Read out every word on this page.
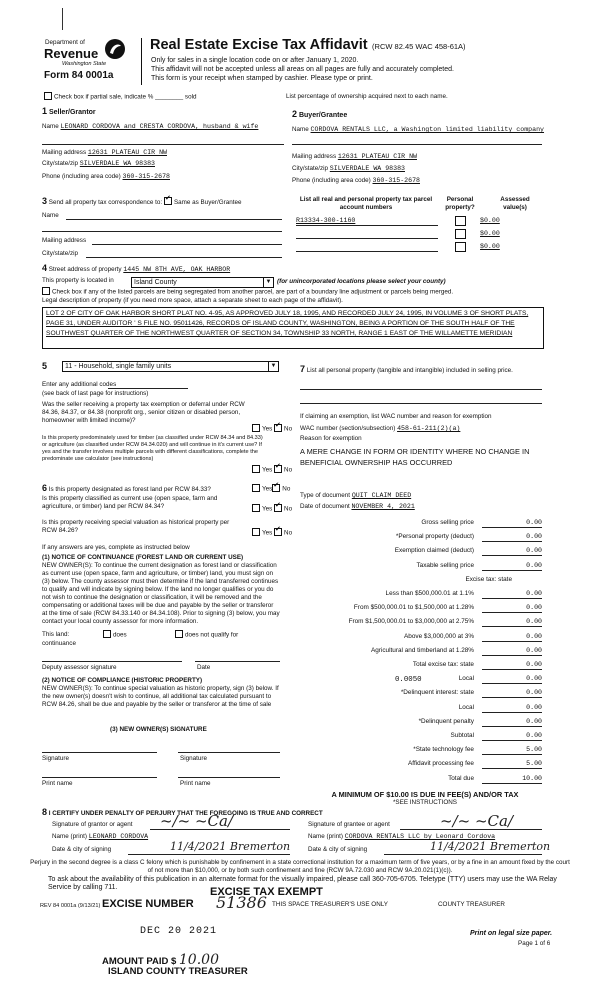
Department of
Revenue
Washington State
Form 84 0001a
Real Estate Excise Tax Affidavit (RCW 82.45 WAC 458-61A)
Only for sales in a single location code on or after January 1, 2020.
This affidavit will not be accepted unless all areas on all pages are fully and accurately completed.
This form is your receipt when stamped by cashier. Please type or print.
Check box if partial sale, indicate % ________ sold	List percentage of ownership acquired next to each name.
1 Seller/Grantor
Name LEONARD CORDOVA and CRESTA CORDOVA, husband & wife
Mailing address 12631 PLATEAU CIR NW
City/state/zip SILVERDALE WA 98383
Phone (including area code) 360-315-2678
2 Buyer/Grantee
Name CORDOVA RENTALS LLC, a Washington limited liability company
Mailing address 12631 PLATEAU CIR NW
City/state/zip SILVERDALE WA 98383
Phone (including area code) 360-315-2678
3 Send all property tax correspondence to: ✔ Same as Buyer/Grantee
Name
Mailing address
City/state/zip
List all real and personal property tax parcel account numbers
Personal property?
Assessed value(s)
R13334-300-1160	$0.00
$0.00
$0.00
4 Street address of property 1445 NW 8TH AVE, OAK HARBOR
This property is located in	Island County	▼ (for unincorporated locations please select your county)
Check box if any of the listed parcels are being segregated from another parcel, are part of a boundary line adjustment or parcels being merged.
Legal description of property (if you need more space, attach a separate sheet to each page of the affidavit).
LOT 2 OF CITY OF OAK HARBOR SHORT PLAT NO. 4-95, AS APPROVED JULY 18, 1995, AND RECORDED JULY 24, 1995, IN VOLUME 3 OF SHORT PLATS, PAGE 31, UNDER AUDITOR ' S FILE NO. 95011426, RECORDS OF ISLAND COUNTY, WASHINGTON, BEING A PORTION OF THE SOUTH HALF OF THE SOUTHWEST QUARTER OF THE NORTHWEST QUARTER OF SECTION 34, TOWNSHIP 33 NORTH, RANGE 1 EAST OF THE WILLAMETTE MERIDIAN
5	11 - Household, single family units	▼
Enter any additional codes
(see back of last page for instructions)
Was the seller receiving a property tax exemption or deferral under RCW 84.36, 84.37, or 84.38 (nonprofit org., senior citizen or disabled person, homeowner with limited income)?
Yes ✔ No
Is this property predominately used for timber (as classified under RCW 84.34 and 84.33) or agriculture (as classified under RCW 84.34.020) and will continue in it's current use? If yes and the transfer involves multiple parcels with different classifications, complete the predominate use calculator (see instructions)
Yes ✔ No
6 Is this property designated as forest land per RCW 84.33?	Yes ✔ No
Is this property classified as current use (open space, farm and agriculture, or timber) land per RCW 84.34?	Yes ✔ No
Is this property receiving special valuation as historical property per RCW 84.26?	Yes ✔ No
If any answers are yes, complete as instructed below
(1) NOTICE OF CONTINUANCE (FOREST LAND OR CURRENT USE)
NEW OWNER(S): To continue the current designation as forest land or classification as current use (open space, farm and agriculture, or timber) land, you must sign on (3) below. The county assessor must then determine if the land transferred continues to qualify and will indicate by signing below. If the land no longer qualifies or you do not wish to continue the designation or classification, it will be removed and the compensating or additional taxes will be due and payable by the seller or transferor at the time of sale (RCW 84.33.140 or 84.34.108). Prior to signing (3) below, you may contact your local county assessor for more information.
This land:	does	does not qualify for
continuance
Deputy assessor signature	Date
(2) NOTICE OF COMPLIANCE (HISTORIC PROPERTY)
NEW OWNER(S): To continue special valuation as historic property, sign (3) below. If the new owner(s) doesn't wish to continue, all additional tax calculated pursuant to RCW 84.26, shall be due and payable by the seller or transferor at the time of sale
(3) NEW OWNER(S) SIGNATURE
Signature	Signature
Print name	Print name
7 List all personal property (tangible and intangible) included in selling price.
If claiming an exemption, list WAC number and reason for exemption
WAC number (section/subsection) 458-61-211(2)(a)
Reason for exemption
A MERE CHANGE IN FORM OR IDENTITY WHERE NO CHANGE IN BENEFICIAL OWNERSHIP HAS OCCURRED
Type of document QUIT CLAIM DEED
Date of document NOVEMBER 4, 2021
Gross selling price	0.00
*Personal property (deduct)	0.00
Exemption claimed (deduct)	0.00
Taxable selling price	0.00
Excise tax: state
Less than $500,000.01 at 1.1%	0.00
From $500,000.01 to $1,500,000 at 1.28%	0.00
From $1,500,000.01 to $3,000,000 at 2.75%	0.00
Above $3,000,000 at 3%	0.00
Agricultural and timberland at 1.28%	0.00
Total excise tax: state	0.00
Local	0.00
*Delinquent interest: state	0.00
Local	0.00
*Delinquent penalty	0.00
Subtotal	0.00
*State technology fee	5.00
Affidavit processing fee	5.00
Total due	10.00
0.0050
A MINIMUM OF $10.00 IS DUE IN FEE(S) AND/OR TAX
*SEE INSTRUCTIONS
8 I CERTIFY UNDER PENALTY OF PERJURY THAT THE FOREGOING IS TRUE AND CORRECT
Signature of grantor or agent ~/~ ~Ca/
Name (print) LEONARD CORDOVA
Date & city of signing	11/4/2021 Bremerton
Signature of grantee or agent	~/~ ~Ca/
Name (print) CORDOVA RENTALS LLC by Leonard Cordova
Date & city of signing	11/4/2021 Bremerton
Perjury in the second degree is a class C felony which is punishable by confinement in a state correctional institution for a maximum term of five years, or by a fine in an amount fixed by the court of not more than $10,000, or by both such confinement and fine (RCW 9A.72.030 and RCW 9A.20.021(1)(c)).
To ask about the availability of this publication in an alternate format for the visually impaired, please call 360-705-6705. Teletype (TTY) users may use the WA Relay Service by calling 711.	EXCISE TAX EXEMPT
REV 84 0001a (9/13/21) EXCISE NUMBER 51386 THIS SPACE TREASURER'S USE ONLY	COUNTY TREASURER
DEC 20 2021
AMOUNT PAID $ 10.00
ISLAND COUNTY TREASURER
Print on legal size paper.
Page 1 of 6
